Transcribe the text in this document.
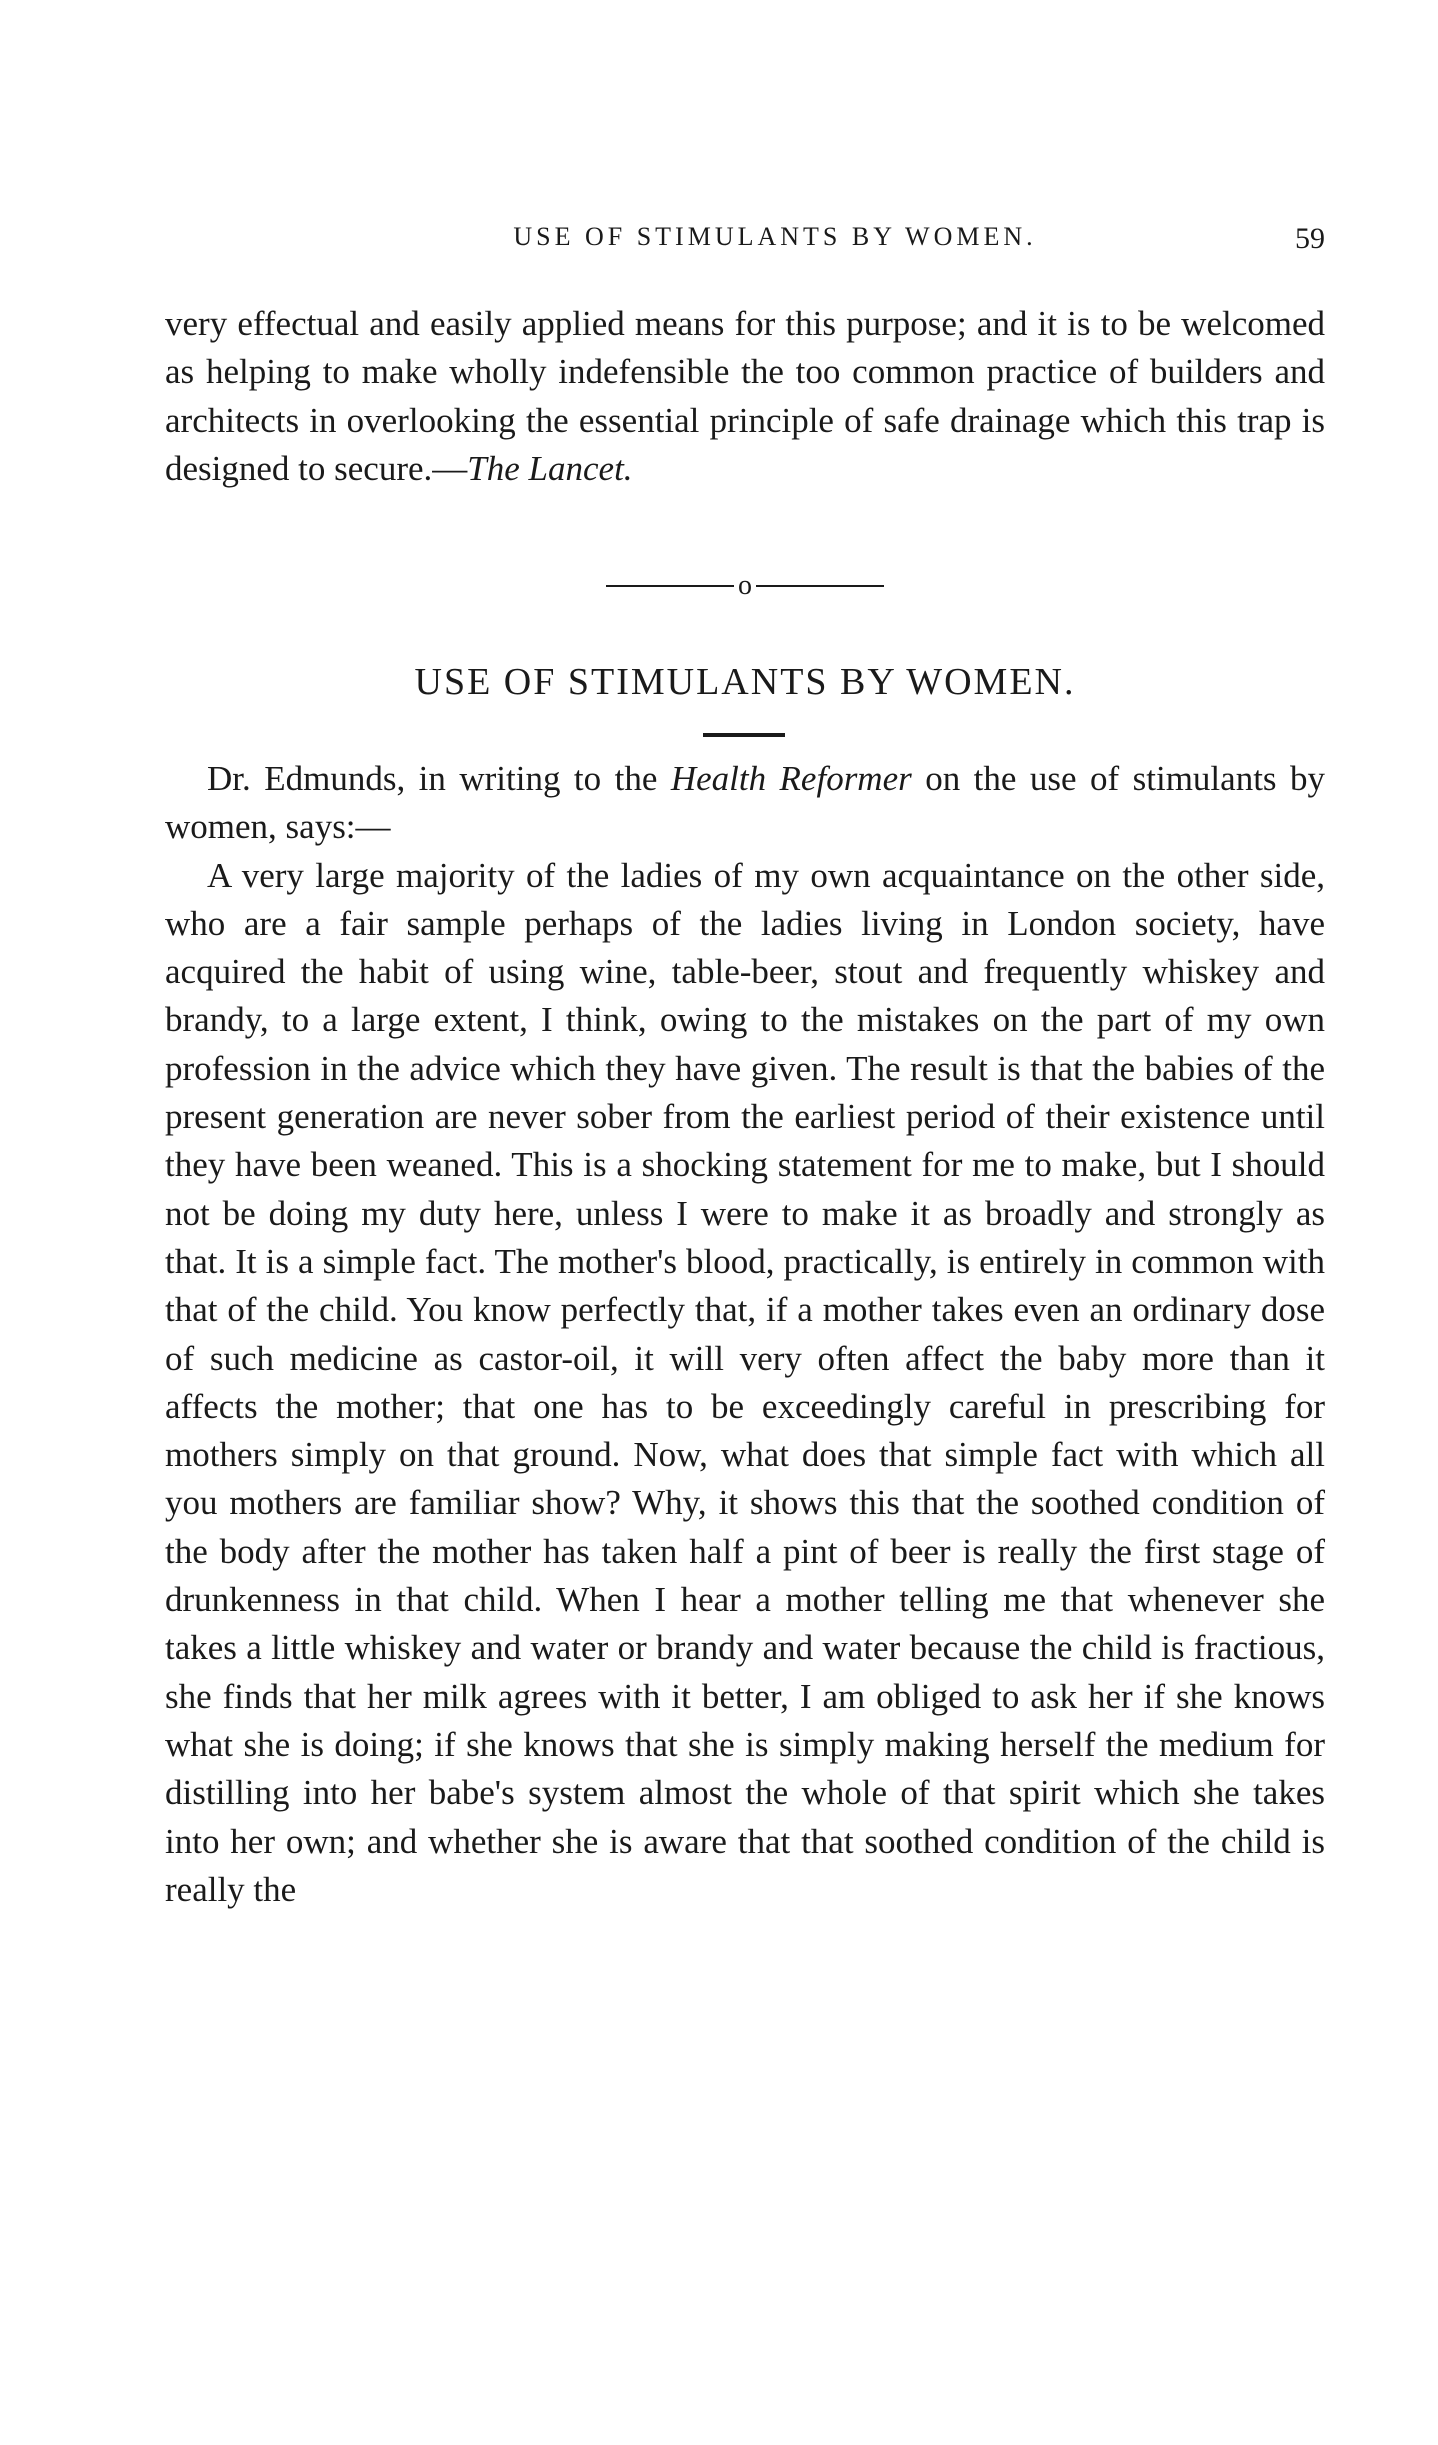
USE OF STIMULANTS BY WOMEN.	59

very effectual and easily applied means for this purpose; and it is to be welcomed as helping to make wholly indefensible the too common practice of builders and architects in overlooking the essential principle of safe drainage which this trap is designed to secure.—The Lancet.

o
USE OF STIMULANTS BY WOMEN.

Dr. Edmunds, in writing to the Health Reformer on the use of stimulants by women, says:—

A very large majority of the ladies of my own acquaintance on the other side, who are a fair sample perhaps of the ladies living in London society, have acquired the habit of using wine, table-beer, stout and frequently whiskey and brandy, to a large extent, I think, owing to the mistakes on the part of my own profession in the advice which they have given. The result is that the babies of the present generation are never sober from the earliest period of their existence until they have been weaned. This is a shocking statement for me to make, but I should not be doing my duty here, unless I were to make it as broadly and strongly as that. It is a simple fact. The mother's blood, practically, is entirely in common with that of the child. You know perfectly that, if a mother takes even an ordinary dose of such medicine as castor-oil, it will very often affect the baby more than it affects the mother; that one has to be exceedingly careful in prescribing for mothers simply on that ground. Now, what does that simple fact with which all you mothers are familiar show? Why, it shows this that the soothed condition of the body after the mother has taken half a pint of beer is really the first stage of drunkenness in that child. When I hear a mother telling me that whenever she takes a little whiskey and water or brandy and water because the child is fractious, she finds that her milk agrees with it better, I am obliged to ask her if she knows what she is doing; if she knows that she is simply making herself the medium for distilling into her babe's system almost the whole of that spirit which she takes into her own; and whether she is aware that that soothed condition of the child is really the
